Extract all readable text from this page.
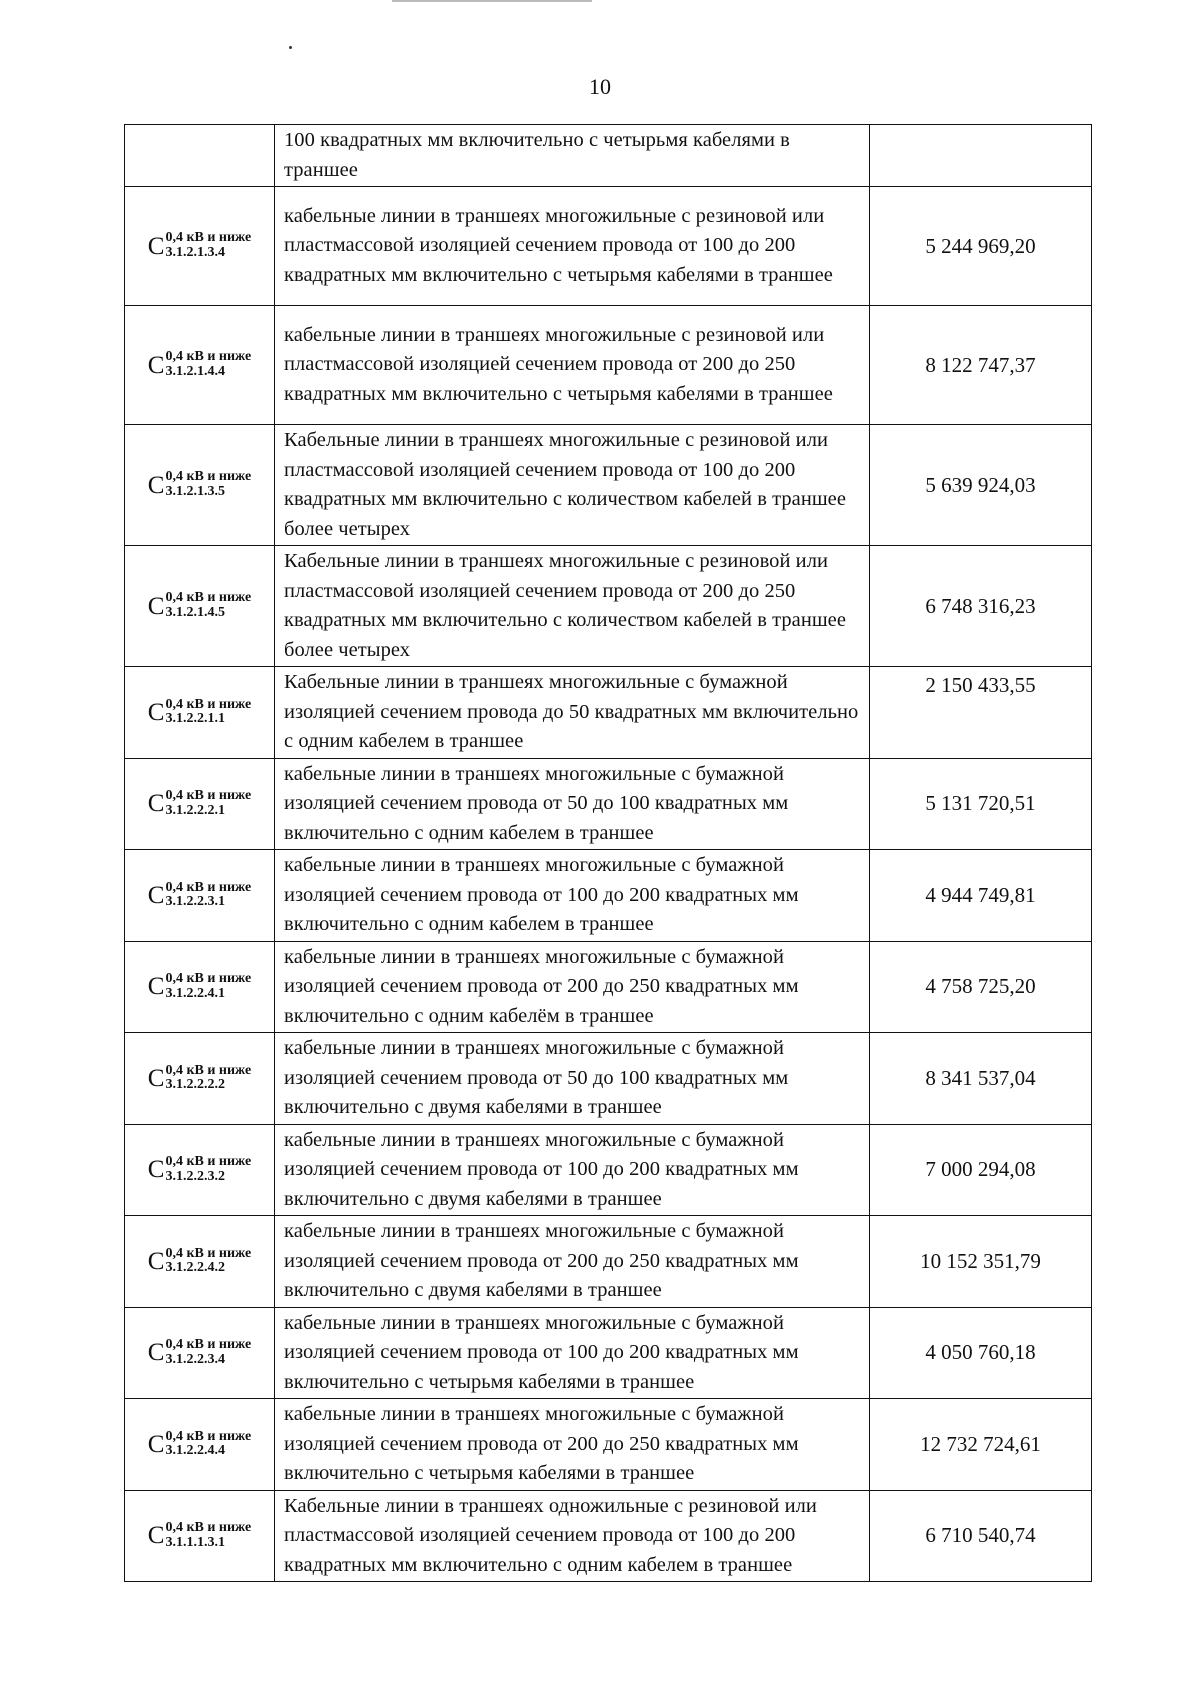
10
	100 квадратных мм включительно с четырьмя кабелями в траншее	

C 0,4 кВ и ниже
3.1.2.1.3.4	кабельные линии в траншеях многожильные с резиновой или пластмассовой изоляцией сечением провода от 100 до 200 квадратных мм включительно с четырьмя кабелями в траншее	5 244 969,20

C 0,4 кВ и ниже
3.1.2.1.4.4	кабельные линии в траншеях многожильные с резиновой или пластмассовой изоляцией сечением провода от 200 до 250 квадратных мм включительно с четырьмя кабелями в траншее	8 122 747,37

C 0,4 кВ и ниже
3.1.2.1.3.5	Кабельные линии в траншеях многожильные с резиновой или пластмассовой изоляцией сечением провода от 100 до 200 квадратных мм включительно с количеством кабелей в траншее более четырех	5 639 924,03

C 0,4 кВ и ниже
3.1.2.1.4.5	Кабельные линии в траншеях многожильные с резиновой или пластмассовой изоляцией сечением провода от 200 до 250 квадратных мм включительно с количеством кабелей в траншее более четырех	6 748 316,23

C 0,4 кВ и ниже
3.1.2.2.1.1	Кабельные линии в траншеях многожильные с бумажной изоляцией сечением провода до 50 квадратных мм включительно с одним кабелем в траншее	2 150 433,55

C 0,4 кВ и ниже
3.1.2.2.2.1	кабельные линии в траншеях многожильные с бумажной изоляцией сечением провода от 50 до 100 квадратных мм включительно с одним кабелем в траншее	5 131 720,51

C 0,4 кВ и ниже
3.1.2.2.3.1	кабельные линии в траншеях многожильные с бумажной изоляцией сечением провода от 100 до 200 квадратных мм включительно с одним кабелем в траншее	4 944 749,81

C 0,4 кВ и ниже
3.1.2.2.4.1	кабельные линии в траншеях многожильные с бумажной изоляцией сечением провода от 200 до 250 квадратных мм включительно с одним кабелём в траншее	4 758 725,20

C 0,4 кВ и ниже
3.1.2.2.2.2	кабельные линии в траншеях многожильные с бумажной изоляцией сечением провода от 50 до 100 квадратных мм включительно с двумя кабелями в траншее	8 341 537,04

C 0,4 кВ и ниже
3.1.2.2.3.2	кабельные линии в траншеях многожильные с бумажной изоляцией сечением провода от 100 до 200 квадратных мм включительно с двумя кабелями в траншее	7 000 294,08

C 0,4 кВ и ниже
3.1.2.2.4.2	кабельные линии в траншеях многожильные с бумажной изоляцией сечением провода от 200 до 250 квадратных мм включительно с двумя кабелями в траншее	10 152 351,79

C 0,4 кВ и ниже
3.1.2.2.3.4	кабельные линии в траншеях многожильные с бумажной изоляцией сечением провода от 100 до 200 квадратных мм включительно с четырьмя кабелями в траншее	4 050 760,18

C 0,4 кВ и ниже
3.1.2.2.4.4	кабельные линии в траншеях многожильные с бумажной изоляцией сечением провода от 200 до 250 квадратных мм включительно с четырьмя кабелями в траншее	12 732 724,61

C 0,4 кВ и ниже
3.1.1.1.3.1	Кабельные линии в траншеях одножильные с резиновой или пластмассовой изоляцией сечением провода от 100 до 200 квадратных мм включительно с одним кабелем в траншее	6 710 540,74
